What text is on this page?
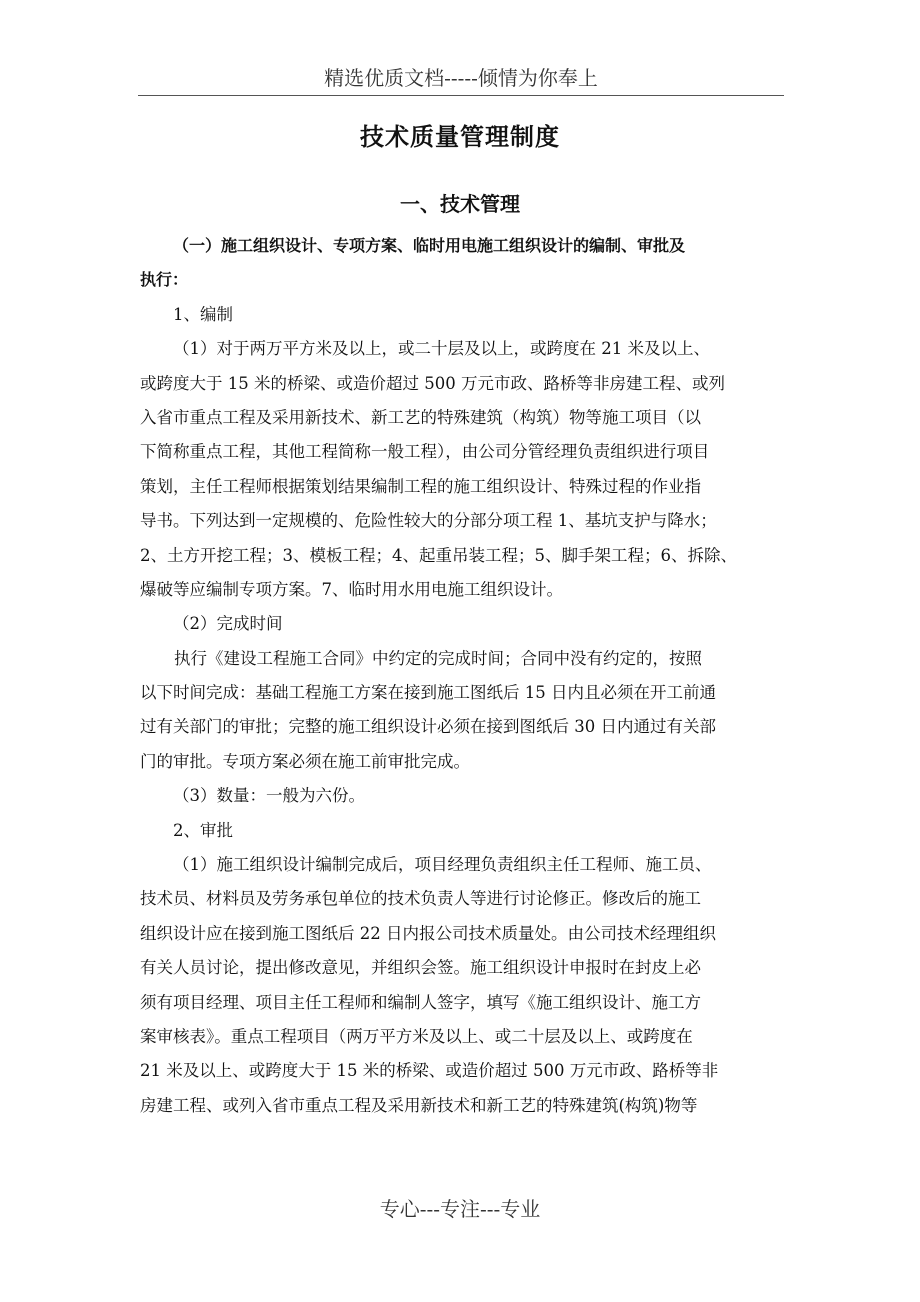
精选优质文档-----倾情为你奉上
技术质量管理制度
一、技术管理
（一）施工组织设计、专项方案、临时用电施工组织设计的编制、审批及
执行：
1、编制
（1）对于两万平方米及以上，或二十层及以上，或跨度在 21 米及以上、
或跨度大于 15 米的桥梁、或造价超过 500 万元市政、路桥等非房建工程、或列
入省市重点工程及采用新技术、新工艺的特殊建筑（构筑）物等施工项目（以
下简称重点工程，其他工程简称一般工程），由公司分管经理负责组织进行项目
策划，主任工程师根据策划结果编制工程的施工组织设计、特殊过程的作业指
导书。下列达到一定规模的、危险性较大的分部分项工程 1、基坑支护与降水；
2、土方开挖工程；3、模板工程；4、起重吊装工程；5、脚手架工程；6、拆除、
爆破等应编制专项方案。7、临时用水用电施工组织设计。
（2）完成时间
执行《建设工程施工合同》中约定的完成时间；合同中没有约定的，按照
以下时间完成：基础工程施工方案在接到施工图纸后 15 日内且必须在开工前通
过有关部门的审批；完整的施工组织设计必须在接到图纸后 30 日内通过有关部
门的审批。专项方案必须在施工前审批完成。
（3）数量：一般为六份。
2、审批
（1）施工组织设计编制完成后，项目经理负责组织主任工程师、施工员、
技术员、材料员及劳务承包单位的技术负责人等进行讨论修正。修改后的施工
组织设计应在接到施工图纸后 22 日内报公司技术质量处。由公司技术经理组织
有关人员讨论，提出修改意见，并组织会签。施工组织设计申报时在封皮上必
须有项目经理、项目主任工程师和编制人签字，填写《施工组织设计、施工方
案审核表》。重点工程项目（两万平方米及以上、或二十层及以上、或跨度在
21 米及以上、或跨度大于 15 米的桥梁、或造价超过 500 万元市政、路桥等非
房建工程、或列入省市重点工程及采用新技术和新工艺的特殊建筑(构筑)物等
专心---专注---专业
